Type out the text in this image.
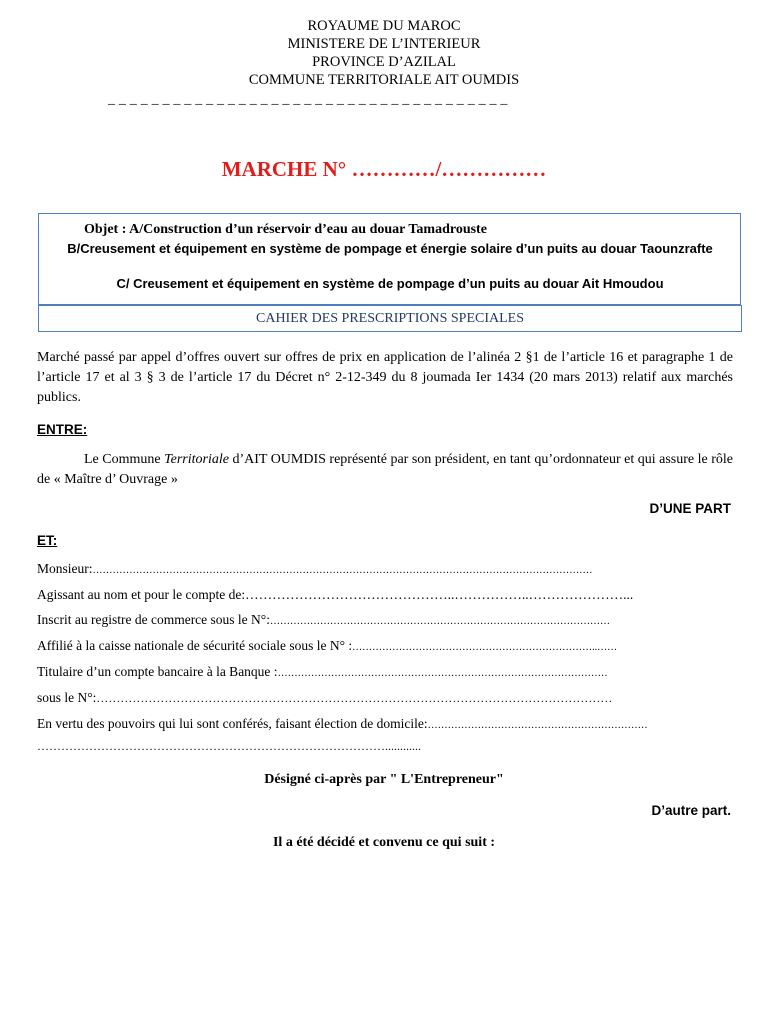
ROYAUME DU MAROC
MINISTERE DE L’INTERIEUR
PROVINCE D’AZILAL
COMMUNE TERRITORIALE AIT OUMDIS
_ _ _ _ _ _ _ _ _ _ _ _ _ _ _ _ _ _ _ _ _ _ _ _ _ _ _ _ _ _ _ _ _ _ _ _ _
MARCHE N° …………/……………
Objet : A/Construction d’un réservoir d’eau au douar Tamadrouste
B/Creusement et équipement en système de pompage et énergie solaire d’un puits au douar Taounzrafte
C/ Creusement et équipement en système de pompage d’un puits au douar Ait Hmoudou
CAHIER DES PRESCRIPTIONS SPECIALES
Marché passé par appel d’offres ouvert sur offres de prix en application de l’alinéa 2 §1 de l’article 16 et paragraphe 1 de l’article 17 et al 3 § 3 de l’article 17 du Décret n° 2-12-349 du 8 joumada Ier 1434 (20 mars 2013) relatif aux marchés publics.
ENTRE:
Le Commune Territoriale d’AIT OUMDIS représenté par son président, en tant qu’ordonnateur et qui assure le rôle de « Maître d’ Ouvrage »
D’UNE PART
ET:
Monsieur:……………………………………………………………………………………………………………………………………
Agissant au nom et pour le compte de:………………………………………..……………..…………………...
Inscrit au registre de commerce sous le N°:…………………………………………………………………………………………
Affilié à la caisse nationale de sécurité sociale sous le N° :………………………………………………………………..……
Titulaire d’un compte bancaire à la Banque :………………………………………………………………………………………
sous le N°:…………………………………………………………………………………………………………………
En vertu des pouvoirs qui lui sont conférés, faisant élection de domicile:…………………………………………………………
……………………………………………………………………………............
Désigné ci-après par " L'Entrepreneur"
D’autre part.
Il a été décidé et convenu ce qui suit :
